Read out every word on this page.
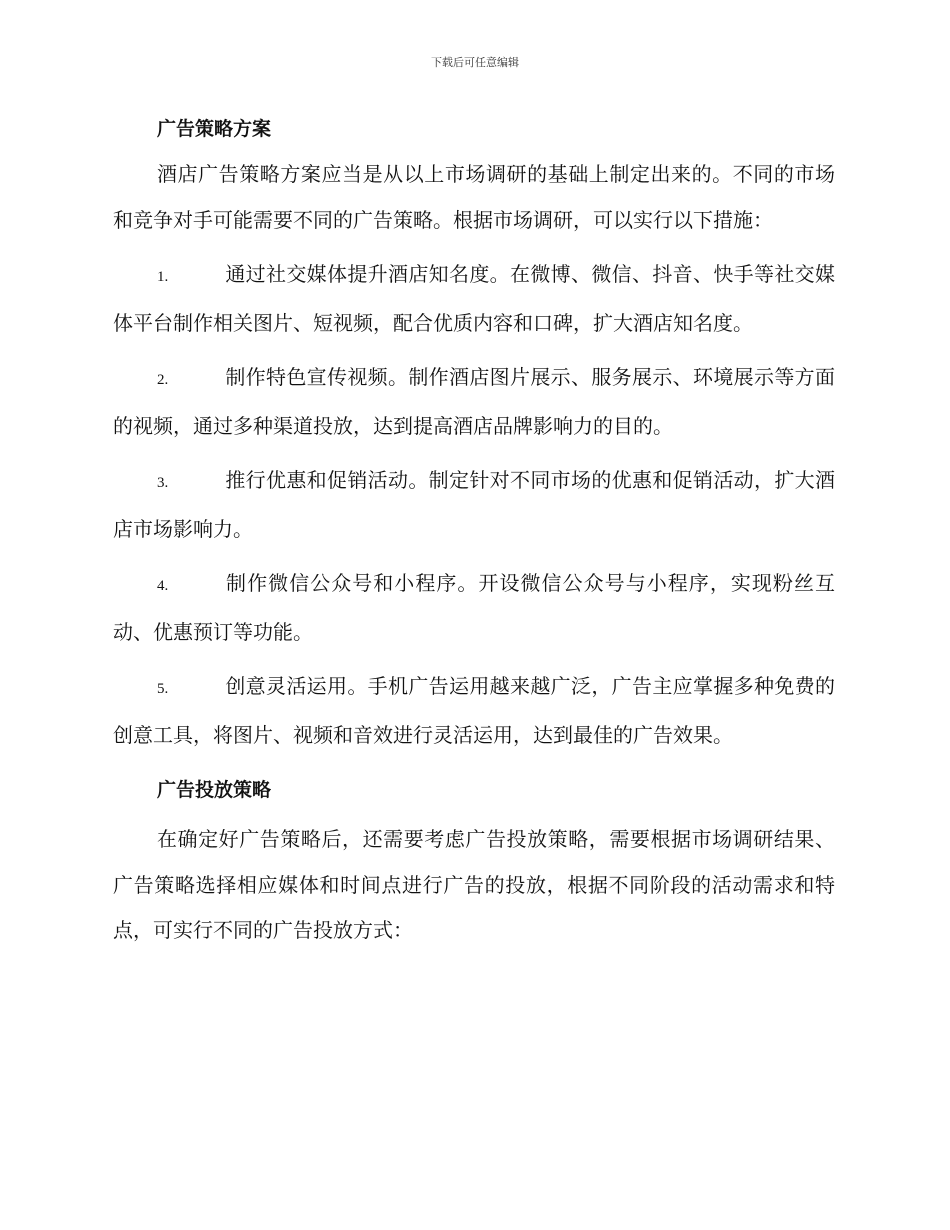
下载后可任意编辑
广告策略方案

酒店广告策略方案应当是从以上市场调研的基础上制定出来的。不同的市场和竞争对手可能需要不同的广告策略。根据市场调研，可以实行以下措施：

1.	通过社交媒体提升酒店知名度。在微博、微信、抖音、快手等社交媒体平台制作相关图片、短视频，配合优质内容和口碑，扩大酒店知名度。
2.	制作特色宣传视频。制作酒店图片展示、服务展示、环境展示等方面的视频，通过多种渠道投放，达到提高酒店品牌影响力的目的。
3.	推行优惠和促销活动。制定针对不同市场的优惠和促销活动，扩大酒店市场影响力。
4.	制作微信公众号和小程序。开设微信公众号与小程序，实现粉丝互动、优惠预订等功能。
5.	创意灵活运用。手机广告运用越来越广泛，广告主应掌握多种免费的创意工具，将图片、视频和音效进行灵活运用，达到最佳的广告效果。
广告投放策略

在确定好广告策略后，还需要考虑广告投放策略，需要根据市场调研结果、广告策略选择相应媒体和时间点进行广告的投放，根据不同阶段的活动需求和特点，可实行不同的广告投放方式：
